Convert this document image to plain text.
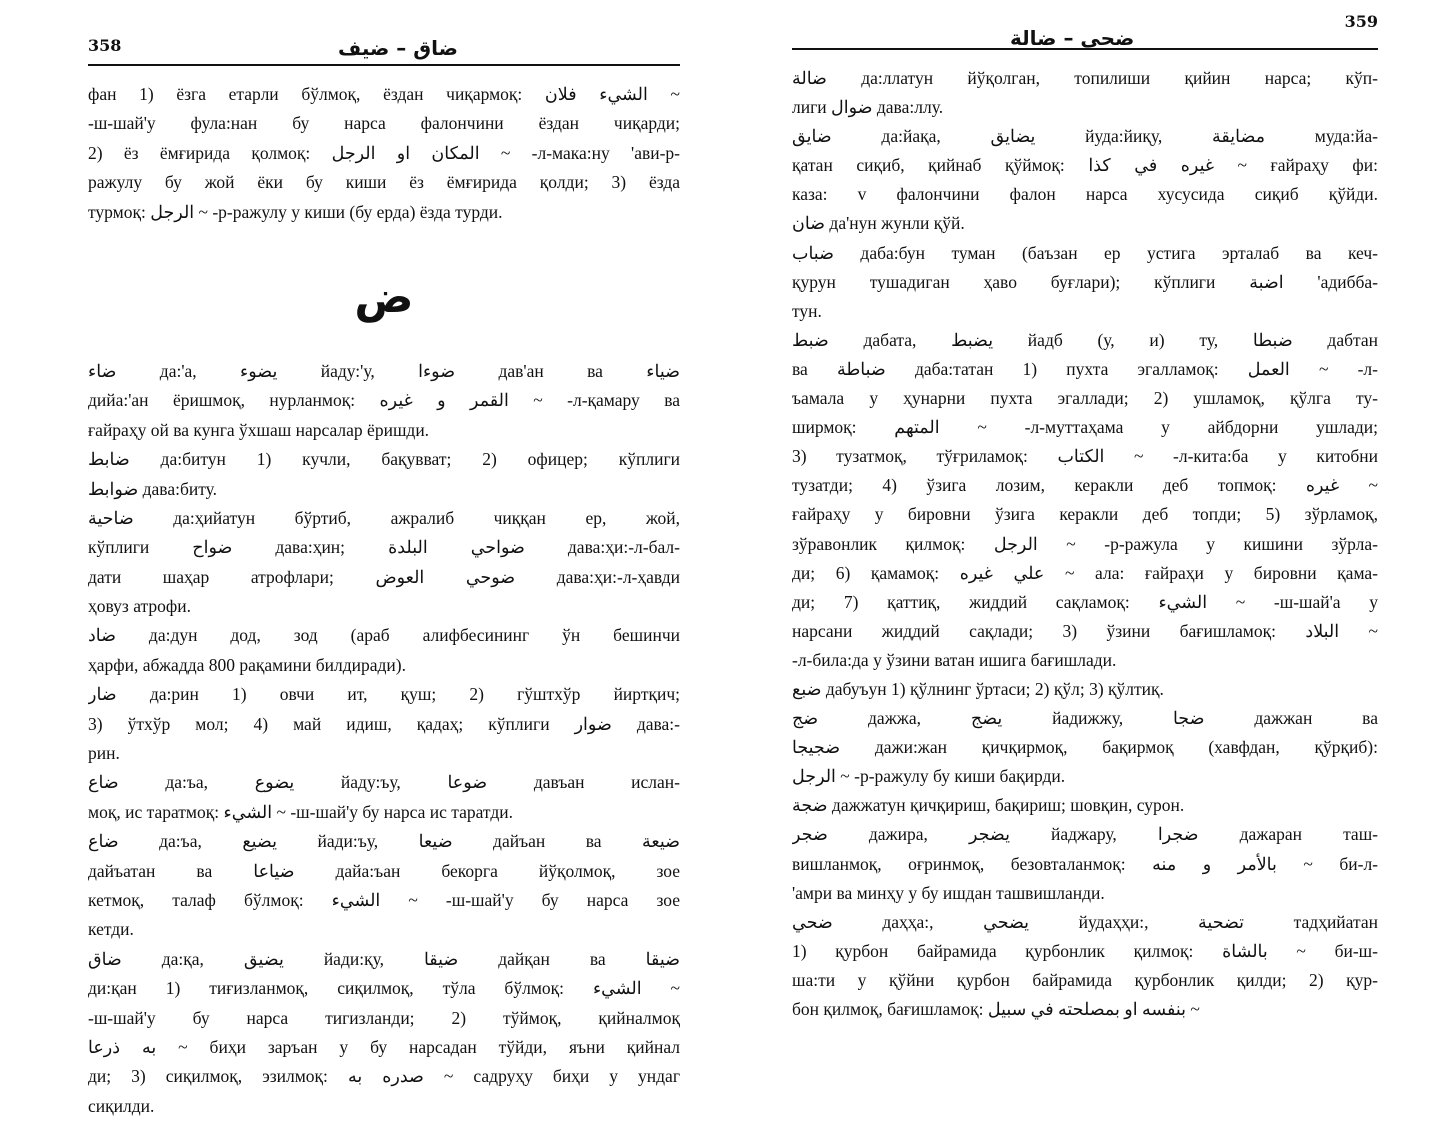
358	ضاق – ضيف
фан 1) ёзга етарли бўлмоқ, ёздан чиқармоқ: الشيء فلان ~
-ш-шай'у фула:нан бу нарса фалончини ёздан чиқарди;
2) ёз ёмғирида қолмоқ: المكان او الرجل ~ -л-мака:ну 'ави-р-
ражулу бу жой ёки бу киши ёз ёмғирида қолди; 3) ёзда
турмоқ: الرجل ~ -р-ражулу у киши (бу ерда) ёзда турди.
ض
ضاء да:'а, يضوء йаду:'у, ضوءا дав'ан ва ضياء
дийа:'ан ёришмоқ, нурланмоқ: القمر و غيره ~ -л-қамару ва
ғайраҳу ой ва кунга ўхшаш нарсалар ёришди.
ضابط да:битун 1) кучли, бақувват; 2) офицер; кўплиги
ضوابط дава:биту.
ضاحية да:ҳийатун бўртиб, ажралиб чиққан ер, жой,
кўплиги ضواح дава:ҳин; ضواحي البلدة дава:ҳи:-л-бал-
дати шаҳар атрофлари; ضوحي العوض дава:ҳи:-л-ҳавди
ҳовуз атрофи.
ضاد да:дун дод, зод (араб алифбесининг ўн бешинчи
ҳарфи, абжадда 800 рақамини билдиради).
ضار да:рин 1) овчи ит, қуш; 2) гўштхўр йиртқич;
3) ўтхўр мол; 4) май идиш, қадаҳ; кўплиги ضوار дава:-
рин.
ضاع да:ъа, يضوع йаду:ъу, ضوعا давъан ислан-
моқ, ис таратмоқ: الشيء ~ -ш-шай'у бу нарса ис таратди.
ضاع да:ъа, يضيع йади:ъу, ضيعا дайъан ва ضيعة
дайъатан ва ضياعا дайа:ъан бекорга йўқолмоқ, зое
кетмоқ, талаф бўлмоқ: الشيء ~ -ш-шай'у бу нарса зое
кетди.
ضاق да:қа, يضيق йади:қу, ضيقا дайқан ва ضيقا
ди:қан 1) тиғизланмоқ, сиқилмоқ, тўла бўлмоқ: الشيء ~
-ш-шай'у бу нарса тигизланди; 2) тўймоқ, қийналмоқ
به ذرعا ~ биҳи заръан у бу нарсадан тўйди, яъни қийнал
ди; 3) сиқилмоқ, эзилмоқ: صدره به ~ садруҳу биҳи у ундаг
сиқилди.
ضحي – ضالة
359
ضالة да:ллатун йўқолган, топилиши қийин нарса; кўп-
лиги ضوال дава:ллу.
ضايق да:йақа, يضايق йуда:йиқу, مضايقة муда:йа-
қатан сиқиб, қийнаб қўймоқ: غيره في كذا ~ ғайраҳу фи:
каза: v фалончини фалон нарса хусусида сиқиб қўйди.
ضان да'нун жунли қўй.
ضباب даба:бун туман (баъзан ер устига эрталаб ва кеч-
қурун тушадиган ҳаво буғлари); кўплиги اضبة 'адибба-
тун.
ضبط дабата, يضبط йадб (у, и) ту, ضبطا дабтан
ва ضباطة даба:татан 1) пухта эгалламоқ: العمل ~ -л-
ъамала у ҳунарни пухта эгаллади; 2) ушламоқ, қўлга ту-
ширмоқ: المتهم ~ -л-муттаҳама у айбдорни ушлади;
3) тузатмоқ, тўғриламоқ: الكتاب ~ -л-кита:ба у китобни
тузатди; 4) ўзига лозим, керакли деб топмоқ: غيره ~
ғайраҳу у бировни ўзига керакли деб топди; 5) зўрламоқ,
зўравонлик қилмоқ: الرجل ~ -р-ражула у кишини зўрла-
ди; 6) қамамоқ: علي غيره ~ ала: ғайраҳи у бировни қама-
ди; 7) қаттиқ, жиддий сақламоқ: الشيء ~ -ш-шай'а у
нарсани жиддий сақлади; 3) ўзини бағишламоқ: البلاد ~
-л-била:да у ўзини ватан ишига бағишлади.
ضبع дабуъун 1) қўлнинг ўртаси; 2) қўл; 3) қўлтиқ.
ضج дажжа, يضج йадижжу, ضجا дажжан ва
ضجيجا дажи:жан қичқирмоқ, бақирмоқ (хавфдан, қўрқиб):
الرجل ~ -р-ражулу бу киши бақирди.
ضجة дажжатун қичқириш, бақириш; шовқин, сурон.
ضجر дажира, يضجر йаджару, ضجرا дажаран таш-
вишланмоқ, оғринмоқ, безовталанмоқ: بالأمر و منه ~ би-л-
'амри ва минҳу у бу ишдан ташвишланди.
ضحي даҳҳа:, يضحي йудаҳҳи:, تضحية тадҳийатан
1) қурбон байрамида қурбонлик қилмоқ: بالشاة ~ би-ш-
ша:ти у қўйни қурбон байрамида қурбонлик қилди; 2) қур-
бон қилмоқ, бағишламоқ: بنفسه او بمصلحته في سبيل ~
